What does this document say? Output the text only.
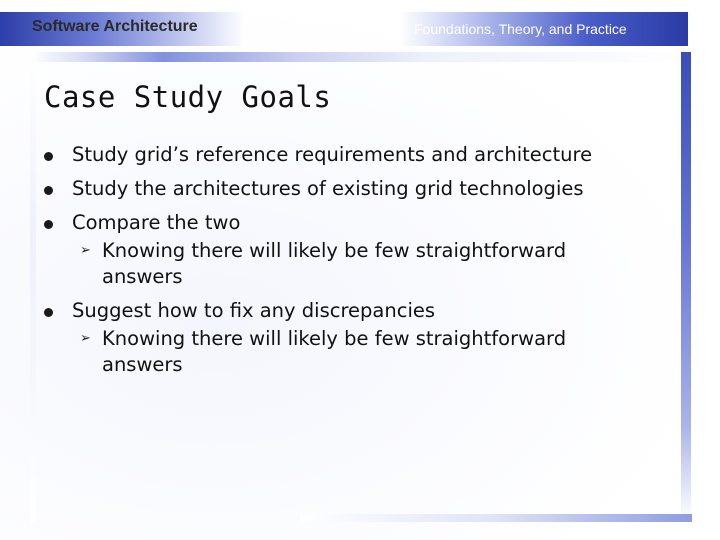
Software Architecture	Foundations, Theory, and Practice
Case Study Goals
Study grid’s reference requirements and architecture
Study the architectures of existing grid technologies
Compare the two
➢ Knowing there will likely be few straightforward
answers
Suggest how to fix any discrepancies
➢ Knowing there will likely be few straightforward
answers
